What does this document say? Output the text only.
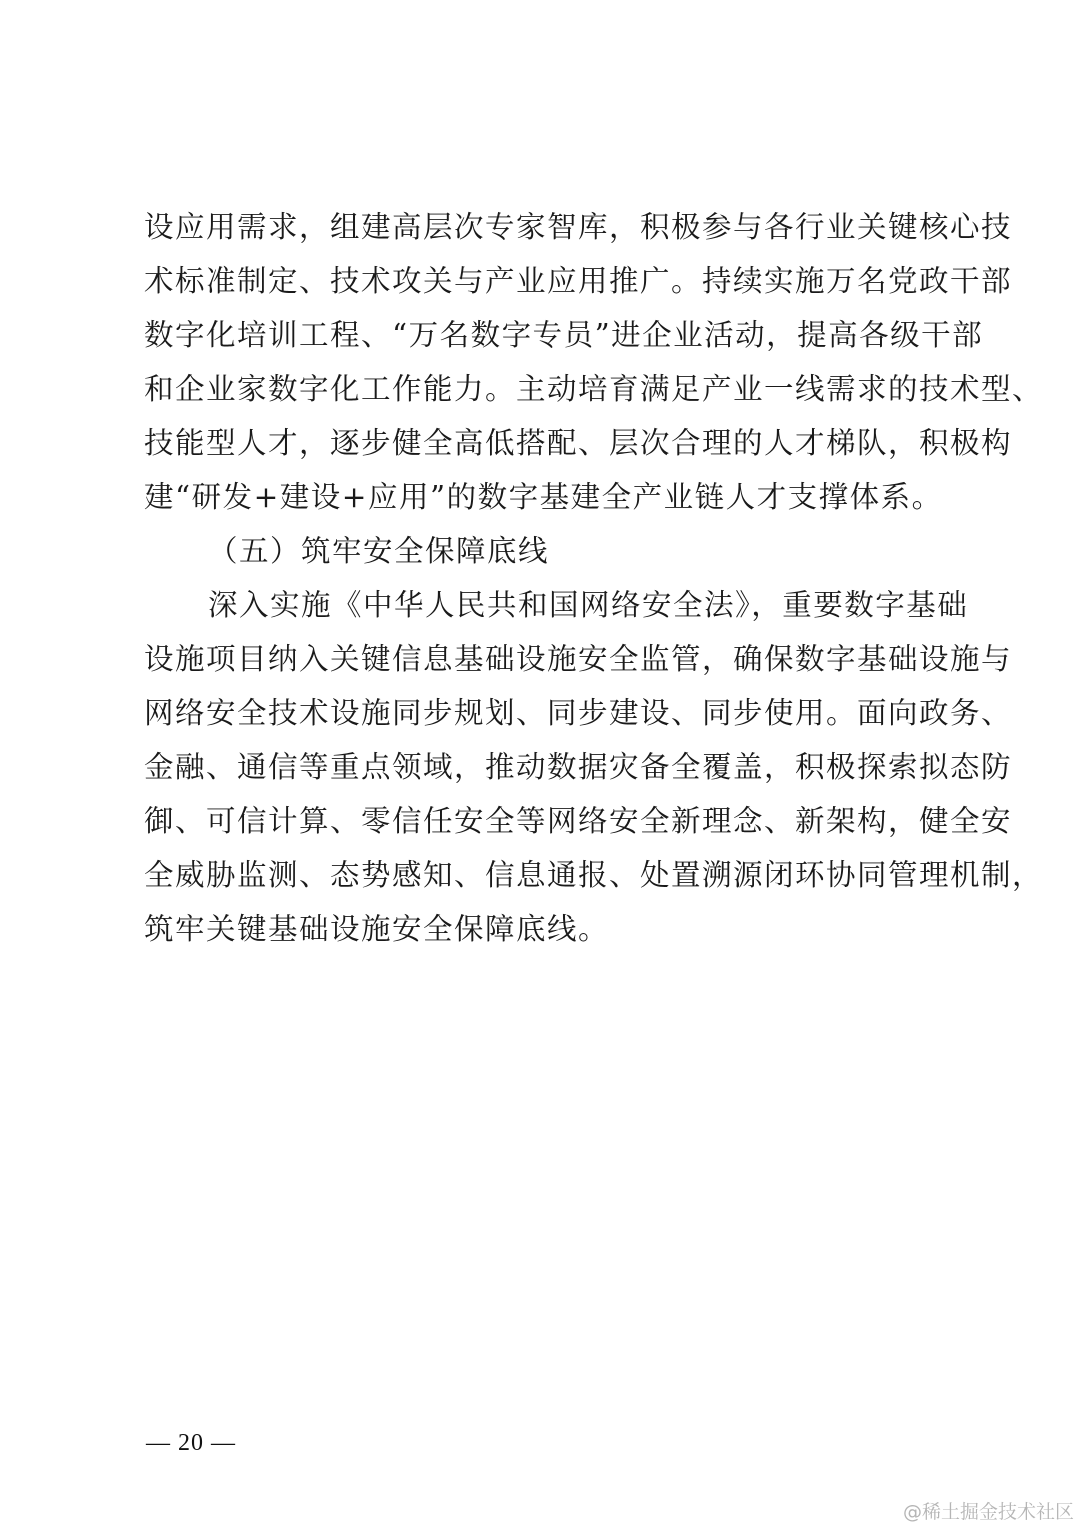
设应用需求，组建高层次专家智库，积极参与各行业关键核心技
术标准制定、技术攻关与产业应用推广。持续实施万名党政干部
数字化培训工程、“万名数字专员”进企业活动，提高各级干部
和企业家数字化工作能力。主动培育满足产业一线需求的技术型、
技能型人才，逐步健全高低搭配、层次合理的人才梯队，积极构
建“研发+建设+应用”的数字基建全产业链人才支撑体系。
（五）筑牢安全保障底线
深入实施《中华人民共和国网络安全法》，重要数字基础
设施项目纳入关键信息基础设施安全监管，确保数字基础设施与
网络安全技术设施同步规划、同步建设、同步使用。面向政务、
金融、通信等重点领域，推动数据灾备全覆盖，积极探索拟态防
御、可信计算、零信任安全等网络安全新理念、新架构，健全安
全威胁监测、态势感知、信息通报、处置溯源闭环协同管理机制，
筑牢关键基础设施安全保障底线。
— 20 —
@稀土掘金技术社区
